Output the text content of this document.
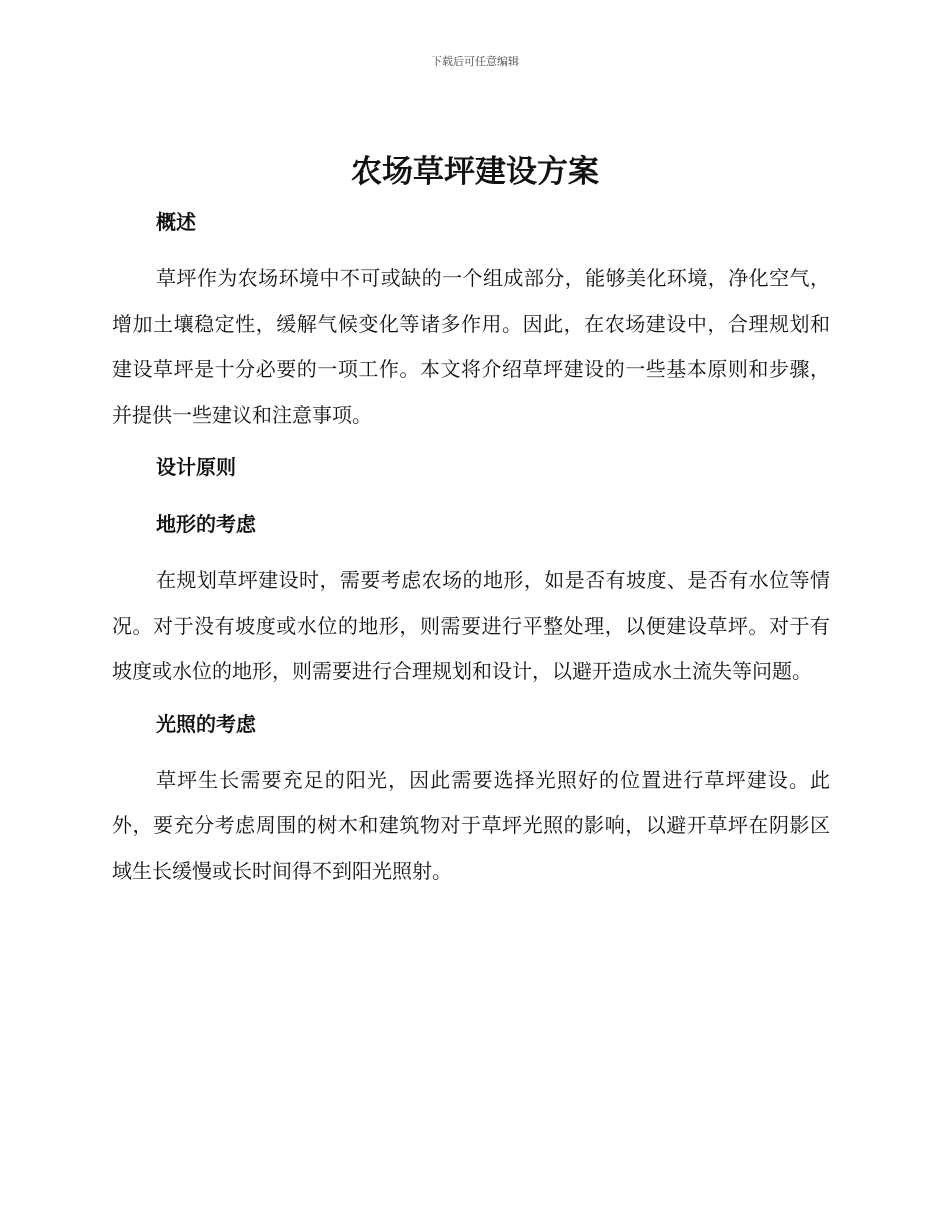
下载后可任意编辑
农场草坪建设方案
概述

草坪作为农场环境中不可或缺的一个组成部分，能够美化环境，净化空气，增加土壤稳定性，缓解气候变化等诸多作用。因此，在农场建设中，合理规划和建设草坪是十分必要的一项工作。本文将介绍草坪建设的一些基本原则和步骤，并提供一些建议和注意事项。

设计原则
地形的考虑

在规划草坪建设时，需要考虑农场的地形，如是否有坡度、是否有水位等情况。对于没有坡度或水位的地形，则需要进行平整处理，以便建设草坪。对于有坡度或水位的地形，则需要进行合理规划和设计，以避开造成水土流失等问题。

光照的考虑

草坪生长需要充足的阳光，因此需要选择光照好的位置进行草坪建设。此外，要充分考虑周围的树木和建筑物对于草坪光照的影响，以避开草坪在阴影区域生长缓慢或长时间得不到阳光照射。
